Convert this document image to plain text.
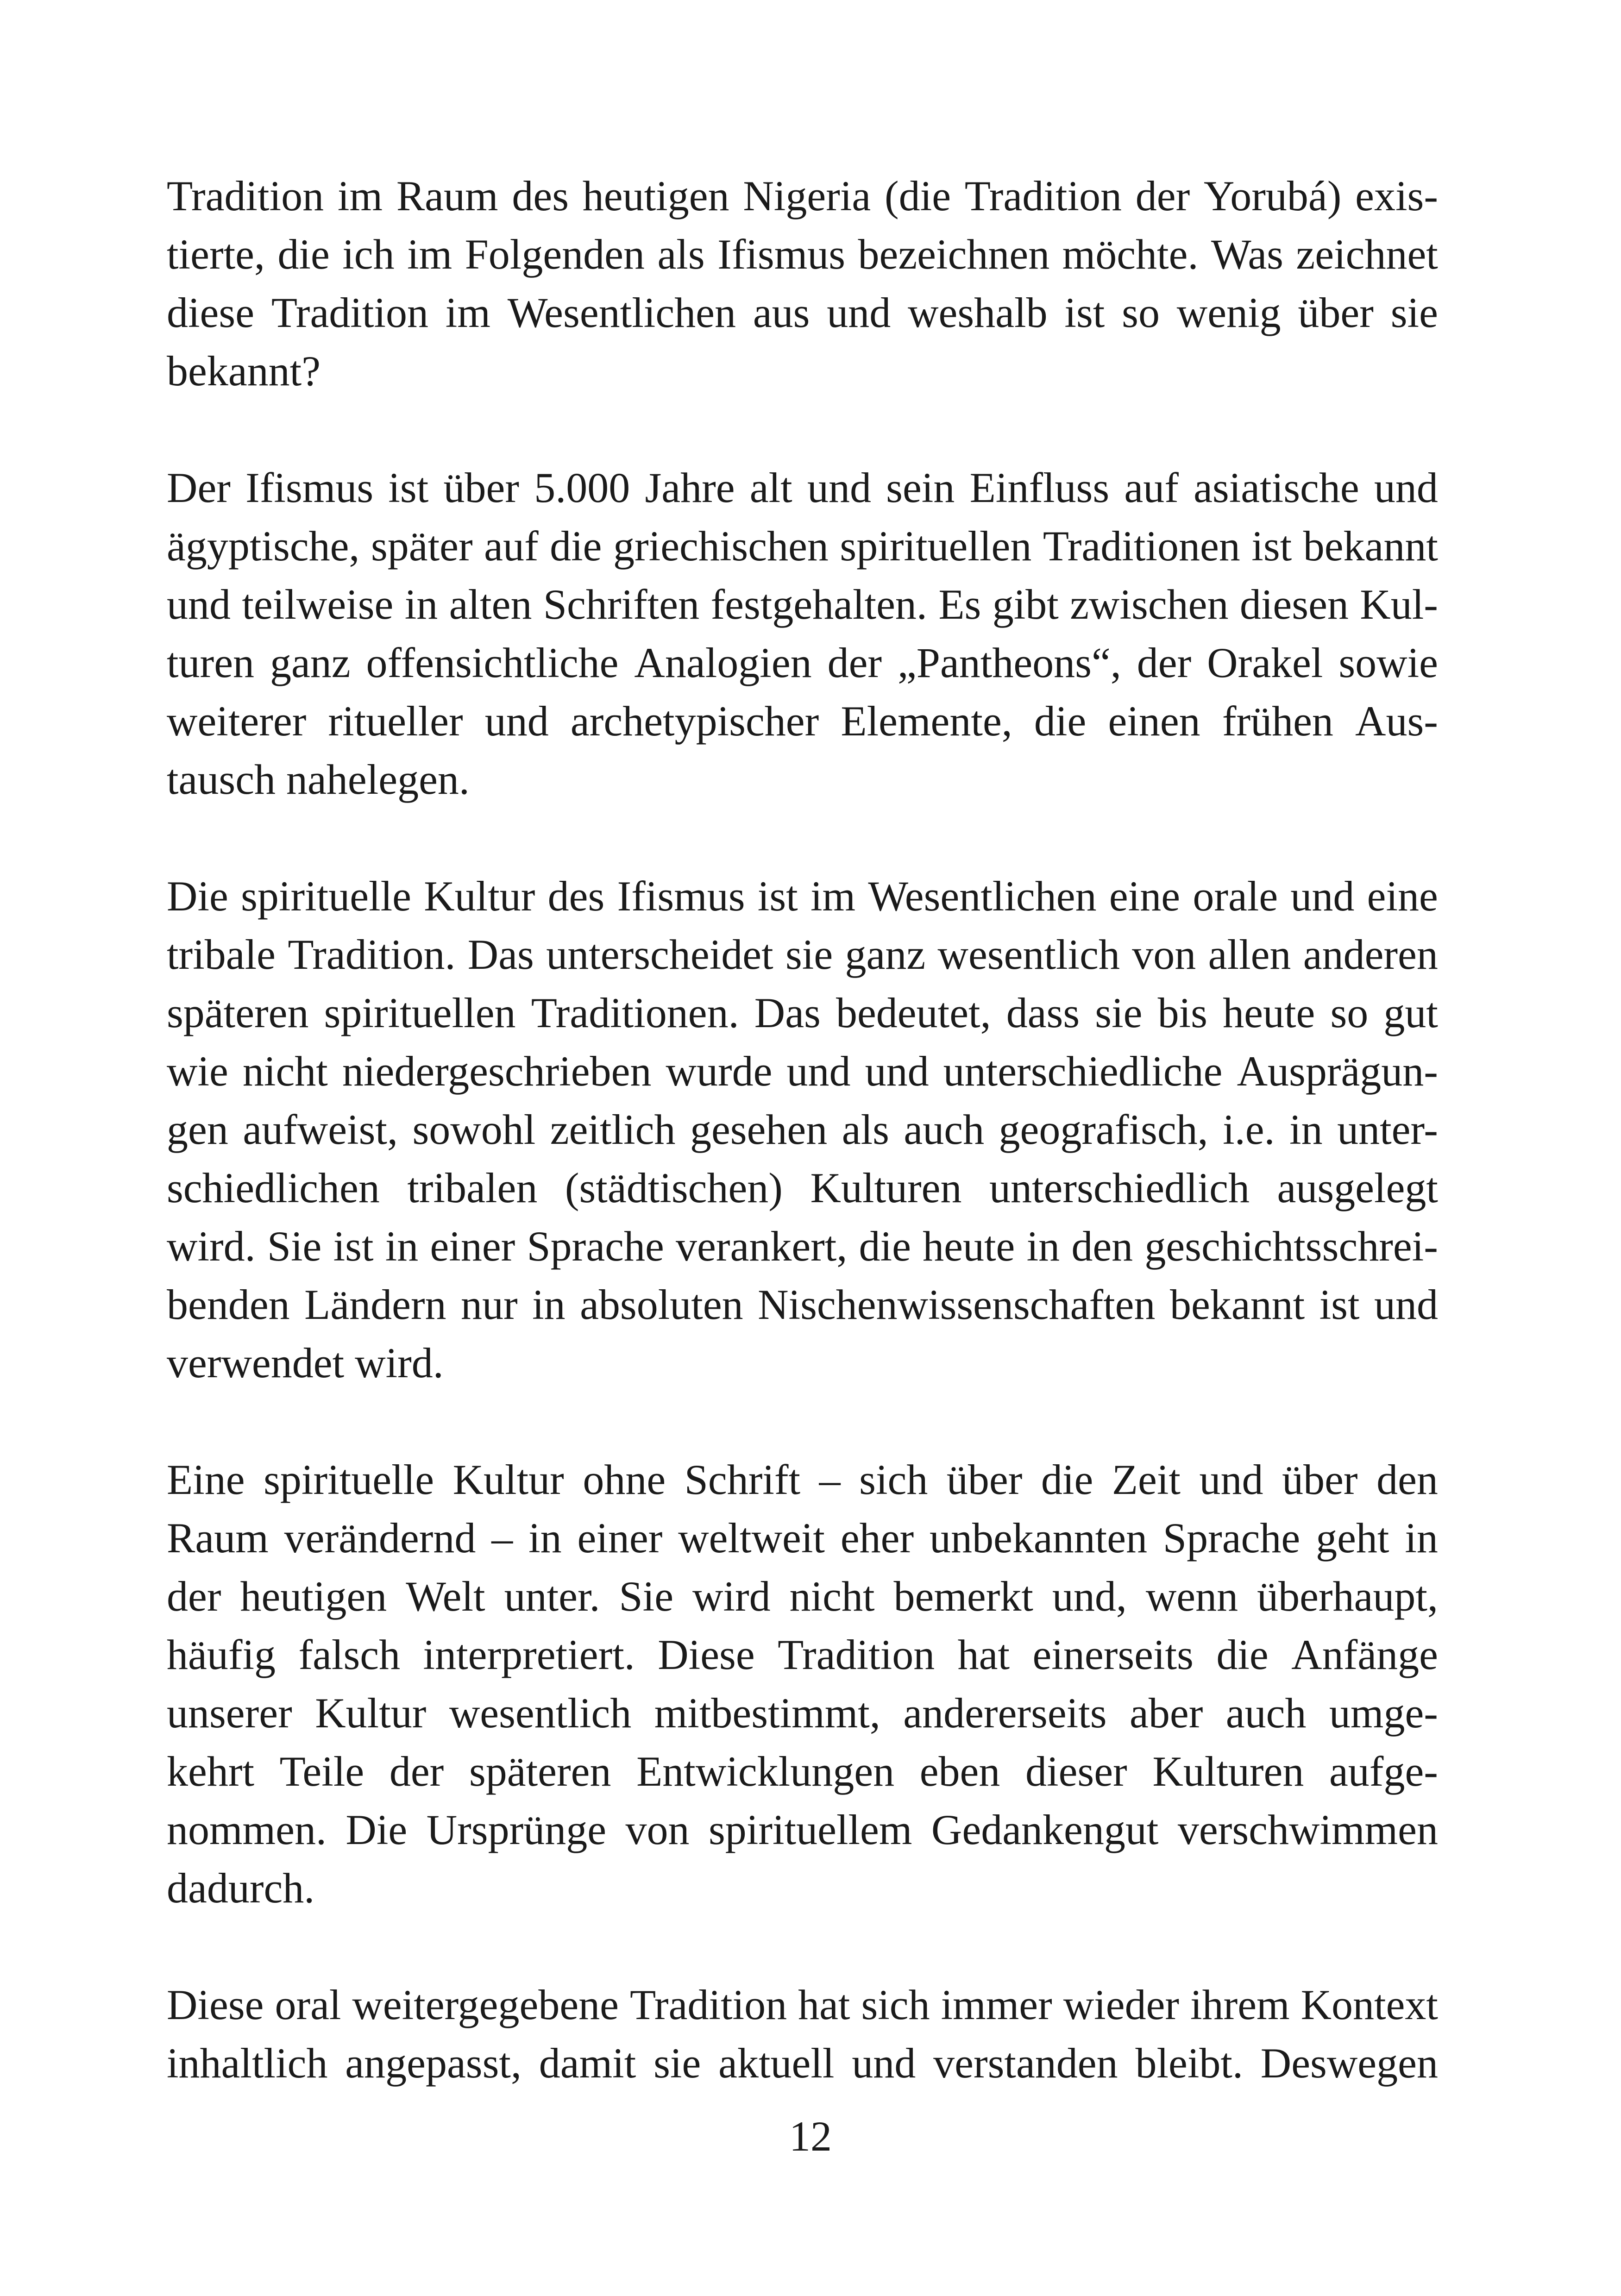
Tradition im Raum des heutigen Nigeria (die Tradition der Yorubá) exis-
tierte, die ich im Folgenden als Ifismus bezeichnen möchte. Was zeichnet
diese Tradition im Wesentlichen aus und weshalb ist so wenig über sie
bekannt?
Der Ifismus ist über 5.000 Jahre alt und sein Einfluss auf asiatische und
ägyptische, später auf die griechischen spirituellen Traditionen ist bekannt
und teilweise in alten Schriften festgehalten. Es gibt zwischen diesen Kul-
turen ganz offensichtliche Analogien der „Pantheons“, der Orakel sowie
weiterer ritueller und archetypischer Elemente, die einen frühen Aus-
tausch nahelegen.
Die spirituelle Kultur des Ifismus ist im Wesentlichen eine orale und eine
tribale Tradition. Das unterscheidet sie ganz wesentlich von allen anderen
späteren spirituellen Traditionen. Das bedeutet, dass sie bis heute so gut
wie nicht niedergeschrieben wurde und und unterschiedliche Ausprägun-
gen aufweist, sowohl zeitlich gesehen als auch geografisch, i.e. in unter-
schiedlichen tribalen (städtischen) Kulturen unterschiedlich ausgelegt
wird. Sie ist in einer Sprache verankert, die heute in den geschichtsschrei-
benden Ländern nur in absoluten Nischenwissenschaften bekannt ist und
verwendet wird.
Eine spirituelle Kultur ohne Schrift – sich über die Zeit und über den
Raum verändernd – in einer weltweit eher unbekannten Sprache geht in
der heutigen Welt unter. Sie wird nicht bemerkt und, wenn überhaupt,
häufig falsch interpretiert. Diese Tradition hat einerseits die Anfänge
unserer Kultur wesentlich mitbestimmt, andererseits aber auch umge-
kehrt Teile der späteren Entwicklungen eben dieser Kulturen aufge-
nommen. Die Ursprünge von spirituellem Gedankengut verschwimmen
dadurch.
Diese oral weitergegebene Tradition hat sich immer wieder ihrem Kontext
inhaltlich angepasst, damit sie aktuell und verstanden bleibt. Deswegen
12
